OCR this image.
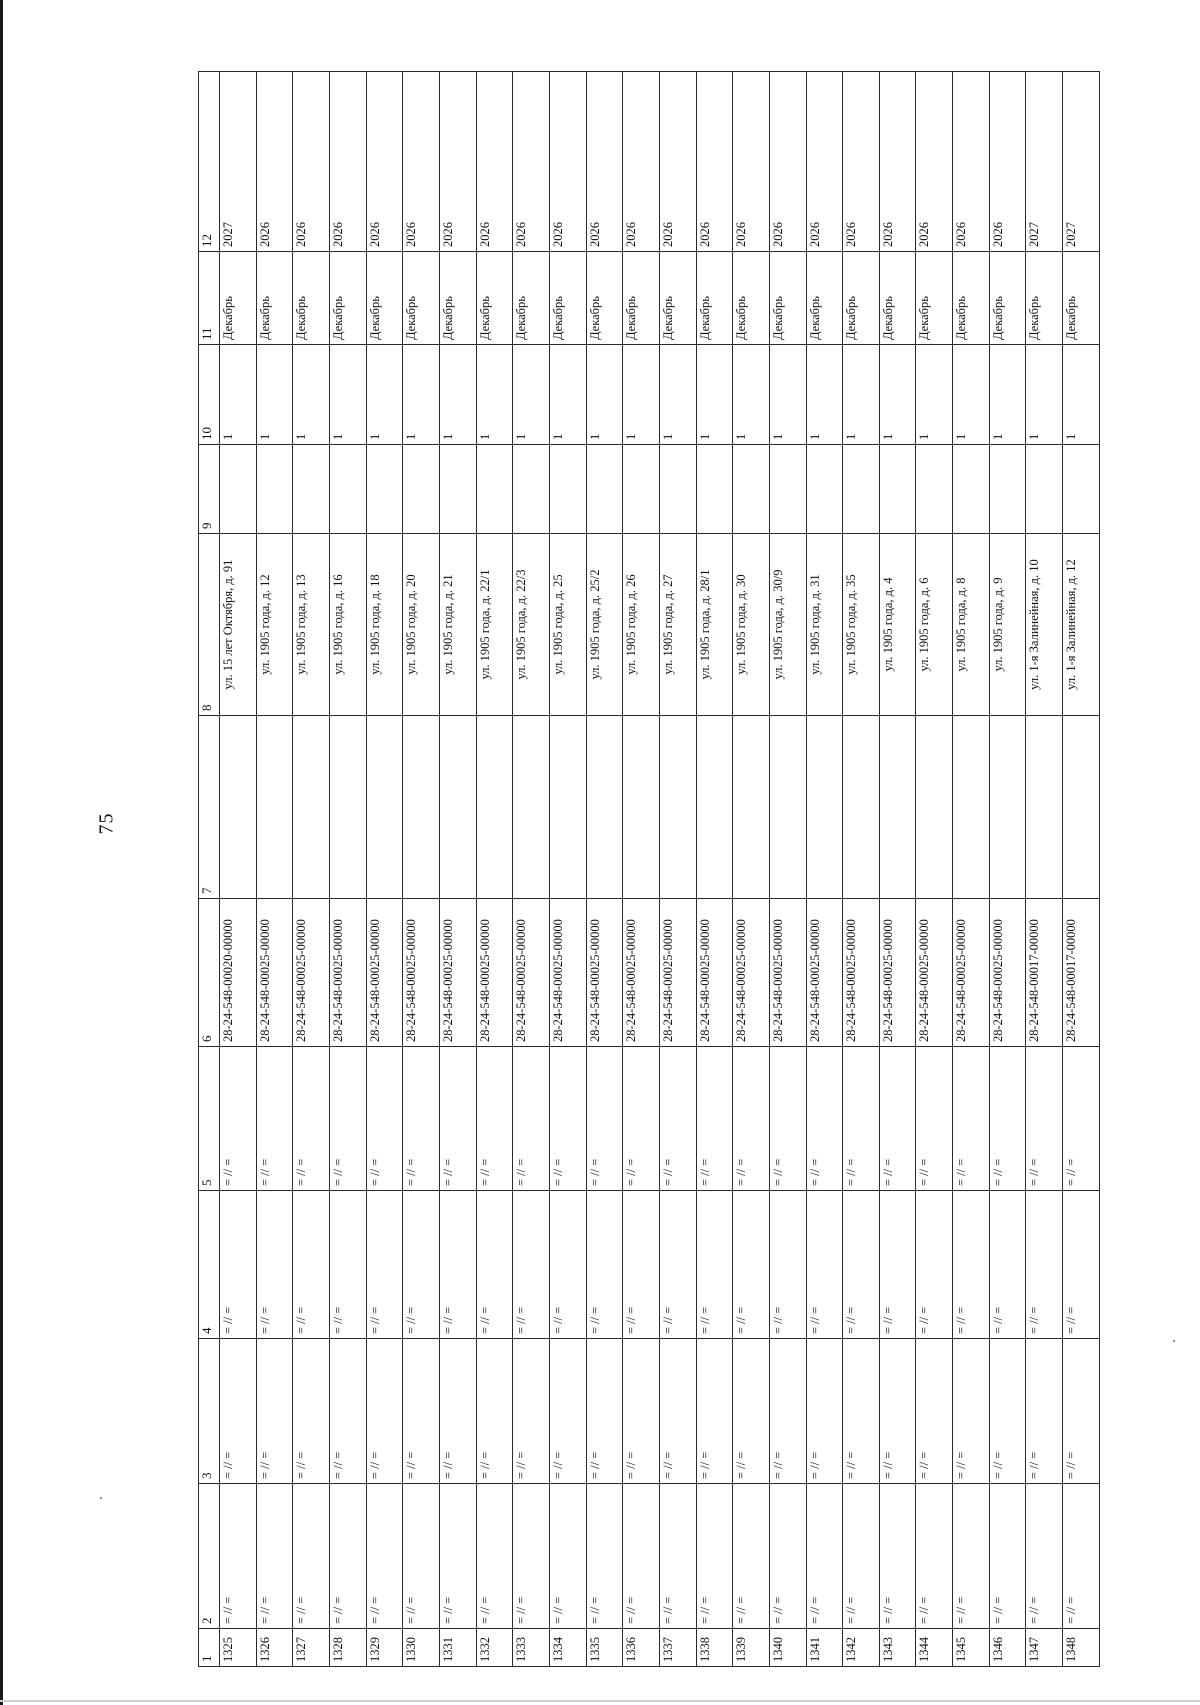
75
1	2	3	4	5	6	7	8	9	10	11	12
1325	= // =	= // =	= // =	= // =	28-24-548-00020-00000		ул. 15 лет Октября, д. 91		1	Декабрь	2027
1326	= // =	= // =	= // =	= // =	28-24-548-00025-00000		ул. 1905 года, д. 12		1	Декабрь	2026
1327	= // =	= // =	= // =	= // =	28-24-548-00025-00000		ул. 1905 года, д. 13		1	Декабрь	2026
1328	= // =	= // =	= // =	= // =	28-24-548-00025-00000		ул. 1905 года, д. 16		1	Декабрь	2026
1329	= // =	= // =	= // =	= // =	28-24-548-00025-00000		ул. 1905 года, д. 18		1	Декабрь	2026
1330	= // =	= // =	= // =	= // =	28-24-548-00025-00000		ул. 1905 года, д. 20		1	Декабрь	2026
1331	= // =	= // =	= // =	= // =	28-24-548-00025-00000		ул. 1905 года, д. 21		1	Декабрь	2026
1332	= // =	= // =	= // =	= // =	28-24-548-00025-00000		ул. 1905 года, д. 22/1		1	Декабрь	2026
1333	= // =	= // =	= // =	= // =	28-24-548-00025-00000		ул. 1905 года, д. 22/3		1	Декабрь	2026
1334	= // =	= // =	= // =	= // =	28-24-548-00025-00000		ул. 1905 года, д. 25		1	Декабрь	2026
1335	= // =	= // =	= // =	= // =	28-24-548-00025-00000		ул. 1905 года, д. 25/2		1	Декабрь	2026
1336	= // =	= // =	= // =	= // =	28-24-548-00025-00000		ул. 1905 года, д. 26		1	Декабрь	2026
1337	= // =	= // =	= // =	= // =	28-24-548-00025-00000		ул. 1905 года, д. 27		1	Декабрь	2026
1338	= // =	= // =	= // =	= // =	28-24-548-00025-00000		ул. 1905 года, д. 28/1		1	Декабрь	2026
1339	= // =	= // =	= // =	= // =	28-24-548-00025-00000		ул. 1905 года, д. 30		1	Декабрь	2026
1340	= // =	= // =	= // =	= // =	28-24-548-00025-00000		ул. 1905 года, д. 30/9		1	Декабрь	2026
1341	= // =	= // =	= // =	= // =	28-24-548-00025-00000		ул. 1905 года, д. 31		1	Декабрь	2026
1342	= // =	= // =	= // =	= // =	28-24-548-00025-00000		ул. 1905 года, д. 35		1	Декабрь	2026
1343	= // =	= // =	= // =	= // =	28-24-548-00025-00000		ул. 1905 года, д. 4		1	Декабрь	2026
1344	= // =	= // =	= // =	= // =	28-24-548-00025-00000		ул. 1905 года, д. 6		1	Декабрь	2026
1345	= // =	= // =	= // =	= // =	28-24-548-00025-00000		ул. 1905 года, д. 8		1	Декабрь	2026
1346	= // =	= // =	= // =	= // =	28-24-548-00025-00000		ул. 1905 года, д. 9		1	Декабрь	2026
1347	= // =	= // =	= // =	= // =	28-24-548-00017-00000		ул. 1-я Залинейная, д. 10		1	Декабрь	2027
1348	= // =	= // =	= // =	= // =	28-24-548-00017-00000		ул. 1-я Залинейная, д. 12		1	Декабрь	2027
